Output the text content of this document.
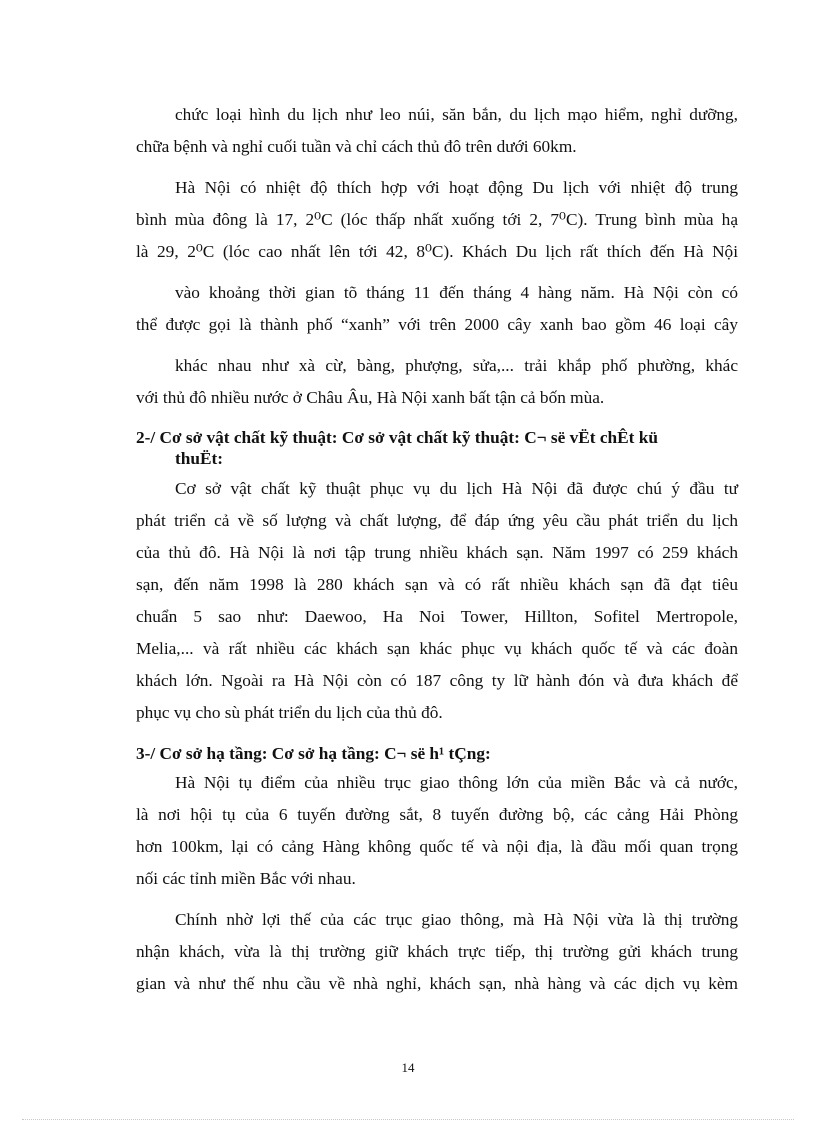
chức loại hình du lịch như leo núi, săn bắn, du lịch mạo hiểm, nghỉ dưỡng,

chữa bệnh và nghỉ cuối tuần và chỉ cách thủ đô trên dưới 60km.

Hà Nội có nhiệt độ thích hợp với hoạt động Du lịch với nhiệt độ trung

bình mùa đông là 17, 2⁰C (lóc thấp nhất xuống tới 2, 7⁰C). Trung bình mùa hạ

là 29, 2⁰C (lóc cao nhất lên tới 42, 8⁰C). Khách Du lịch rất thích đến Hà Nội

vào khoảng thời gian tõ tháng 11 đến tháng 4 hàng năm. Hà Nội còn có

thể được gọi là thành phố “xanh” với trên 2000 cây xanh bao gồm 46 loại cây

khác nhau như xà cừ, bàng, phượng, sửa,... trải khắp phố phường, khác

với thủ đô nhiều nước ở Châu Âu, Hà Nội xanh bất tận cả bốn mùa.

2-/ Cơ sở vật chất kỹ thuật: Cơ sở vật chất kỹ thuật: C¬ së vËt chÊt kü

thuËt:

Cơ sở vật chất kỹ thuật phục vụ du lịch Hà Nội đã được chú ý đầu tư

phát triển cả về số lượng và chất lượng, để đáp ứng yêu cầu phát triển du lịch

của thủ đô. Hà Nội là nơi tập trung nhiều khách sạn. Năm 1997 có 259 khách

sạn, đến năm 1998 là 280 khách sạn và có rất nhiều khách sạn đã đạt tiêu

chuẩn 5 sao như: Daewoo, Ha Noi Tower, Hillton, Sofitel Mertropole,

Melia,... và rất nhiều các khách sạn khác phục vụ khách quốc tế và các đoàn

khách lớn. Ngoài ra Hà Nội còn có 187 công ty lữ hành đón và đưa khách để

phục vụ cho sù phát triển du lịch của thủ đô.

3-/ Cơ sở hạ tầng: Cơ sở hạ tầng: C¬ së h¹ tÇng:

Hà Nội tụ điểm của nhiều trục giao thông lớn của miền Bắc và cả nước,

là nơi hội tụ của 6 tuyến đường sắt, 8 tuyến đường bộ, các cảng Hải Phòng

hơn 100km, lại có cảng Hàng không quốc tế và nội địa, là đầu mối quan trọng

nối các tỉnh miền Bắc với nhau.

Chính nhờ lợi thế của các trục giao thông, mà Hà Nội vừa là thị trường

nhận khách, vừa là thị trường giữ khách trực tiếp, thị trường gửi khách trung

gian và như thế nhu cầu về nhà nghỉ, khách sạn, nhà hàng và các dịch vụ kèm

14
